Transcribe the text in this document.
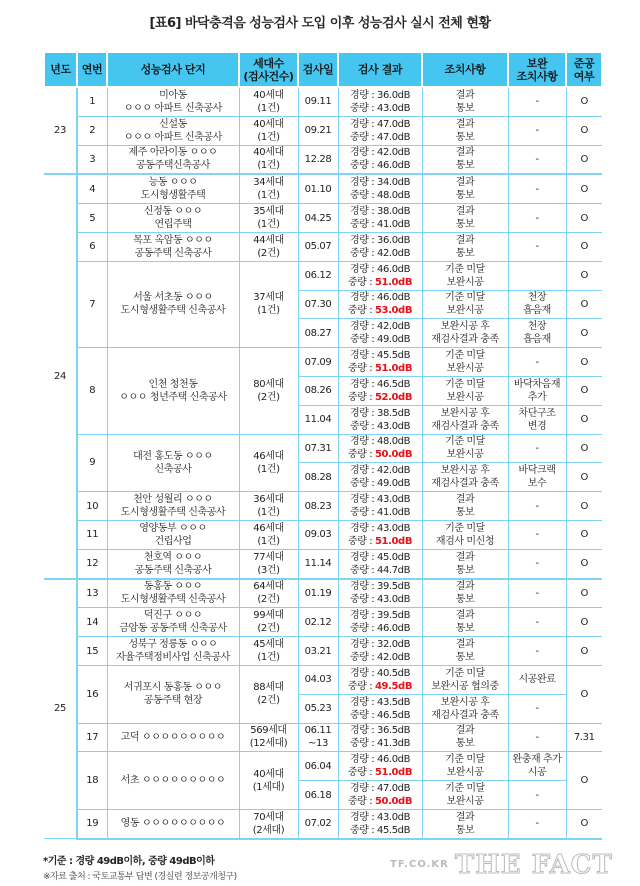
[표6] 바닥충격음 성능검사 도입 이후 성능검사 실시 전체 현황
년도	연번	성능검사 단지	세대수
(검사건수)	검사일	검사 결과	조치사항	보완
조치사항	준공
여부
23	1	미아동
ㅇㅇㅇ 아파트 신축공사	40세대
(1건)	09.11	경량 : 36.0dB
중량 : 43.0dB	결과
통보	-	O
	2	신설동
ㅇㅇㅇ 아파트 신축공사	40세대
(1건)	09.21	경량 : 47.0dB
중량 : 47.0dB	결과
통보	-	O
	3	제주 아라이동 ㅇㅇㅇ
공동주택신축공사	40세대
(1건)	12.28	경량 : 42.0dB
중량 : 46.0dB	결과
통보	-	O
24	4	능동 ㅇㅇㅇ
도시형생활주택	34세대
(1건)	01.10	경량 : 34.0dB
중량 : 48.0dB	결과
통보	-	O
	5	신정동 ㅇㅇㅇ
연립주택	35세대
(1건)	04.25	경량 : 38.0dB
중량 : 41.0dB	결과
통보	-	O
	6	목포 옥암동 ㅇㅇㅇ
공동주택 신축공사	44세대
(2건)	05.07	경량 : 36.0dB
중량 : 42.0dB	결과
통보	-	O
	7	서울 서초동 ㅇㅇㅇ
도시형생활주택 신축공사	37세대
(1건)	06.12	경량 : 46.0dB
중량 : 51.0dB	기준 미달
보완시공		O
				07.30	경량 : 46.0dB
중량 : 53.0dB	기준 미달
보완시공	천장
흡음재	O
				08.27	경량 : 42.0dB
중량 : 49.0dB	보완시공 후
재검사결과 충족	천장
흡음재	O
	8	인천 청천동
ㅇㅇㅇ 청년주택 신축공사	80세대
(2건)	07.09	경량 : 45.5dB
중량 : 51.0dB	기준 미달
보완시공	-	O
				08.26	경량 : 46.5dB
중량 : 52.0dB	기준 미달
보완시공	바닥차음재
추가	O
				11.04	경량 : 38.5dB
중량 : 43.0dB	보완시공 후
재검사결과 충족	차단구조
변경	O
	9	대전 홍도동 ㅇㅇㅇ
신축공사	46세대
(1건)	07.31	경량 : 48.0dB
중량 : 50.0dB	기준 미달
보완시공	-	O
				08.28	경량 : 42.0dB
중량 : 49.0dB	보완시공 후
재검사결과 충족	바닥크랙
보수	O
	10	천안 성월리 ㅇㅇㅇ
도시형생활주택 신축공사	36세대
(1건)	08.23	경량 : 43.0dB
중량 : 41.0dB	결과
통보	-	O
	11	영양동부 ㅇㅇㅇ
건립사업	46세대
(1건)	09.03	경량 : 43.0dB
중량 : 51.0dB	기준 미달
재검사 미신청	-	O
	12	천호역 ㅇㅇㅇ
공동주택 신축공사	77세대
(3건)	11.14	경량 : 45.0dB
중량 : 44.7dB	결과
통보	-	O
25	13	동홍동 ㅇㅇㅇ
도시형생활주택 신축공사	64세대
(2건)	01.19	경량 : 39.5dB
중량 : 43.0dB	결과
통보	-	O
	14	덕진구 ㅇㅇㅇ
금암동 공동주택 신축공사	99세대
(2건)	02.12	경량 : 39.5dB
중량 : 46.0dB	결과
통보	-	O
	15	성북구 정릉동 ㅇㅇㅇ
자율주택정비사업 신축공사	45세대
(1건)	03.21	경량 : 32.0dB
중량 : 42.0dB	결과
통보	-	O
	16	서귀포시 동홍동 ㅇㅇㅇ
공동주택 현장	88세대
(2건)	04.03	경량 : 40.5dB
중량 : 49.5dB	기준 미달
보완시공 협의중	시공완료	O
				05.23	경량 : 43.5dB
중량 : 46.5dB	보완시공 후
재검사결과 충족	-	
	17	고덕 ㅇㅇㅇㅇㅇㅇㅇㅇㅇ	569세대
(12세대)	06.11
~13	경량 : 36.5dB
중량 : 41.3dB	결과
통보	-	7.31
	18	서초 ㅇㅇㅇㅇㅇㅇㅇㅇㅇ	40세대
(1세대)	06.04	경량 : 46.0dB
중량 : 51.0dB	기준 미달
보완시공	완충재 추가
시공	O
				06.18	경량 : 47.0dB
중량 : 50.0dB	기준 미달
보완시공	-	
	19	영동 ㅇㅇㅇㅇㅇㅇㅇㅇㅇ	70세대
(2세대)	07.02	경량 : 43.0dB
중량 : 45.5dB	결과
통보	-	O
*기준 : 경량 49dB이하, 중량 49dB이하
※자료 출처 : 국토교통부 답변 (경실련 정보공개청구)
$^{TF.CO.KR}$ THE FACT
